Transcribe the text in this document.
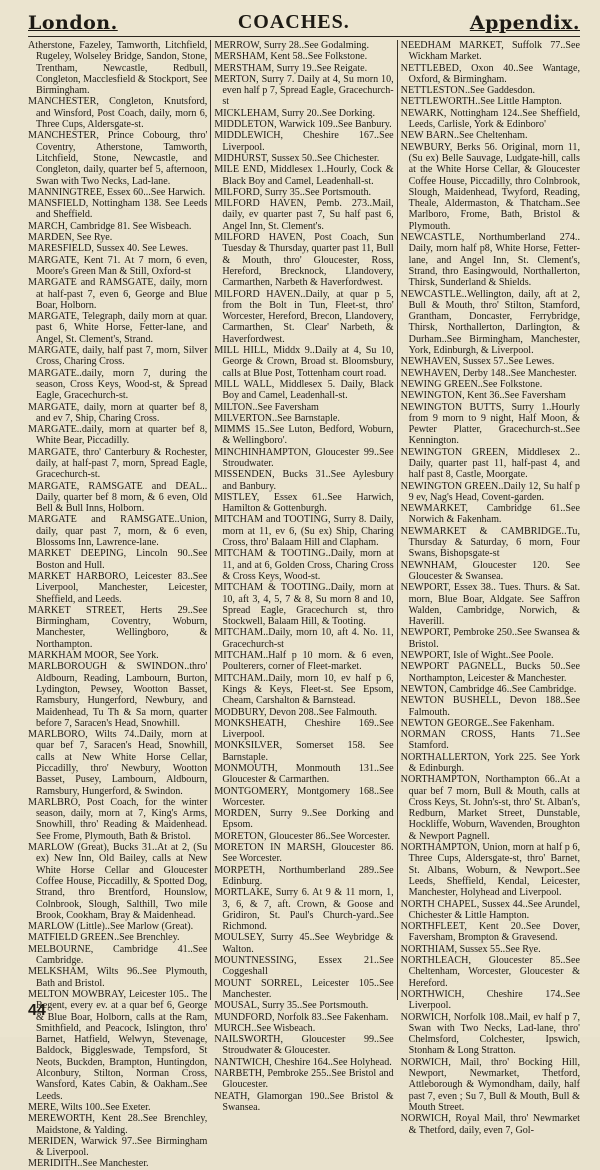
London.	COACHES.	Appendix.

Atherstone, Fazeley, Tamworth, Litchfield, Rugeley, Wolseley Bridge, Sandon, Stone, Trentham, Newcastle, Redbull, Congleton, Macclesfield & Stockport, See Birmingham.

MANCHESTER, Congleton, Knutsford, and Winsford, Post Coach, daily, morn 6, Three Cups, Aldersgate-st.

MANCHESTER, Prince Cobourg, thro' Coventry, Atherstone, Tamworth, Litchfield, Stone, Newcastle, and Congleton, daily, quarter bef 5, afternoon, Swan with Two Necks, Lad-lane.

MANNINGTREE, Essex 60...See Harwich.

MANSFIELD, Nottingham 138. See Leeds and Sheffield.

MARCH, Cambridge 81. See Wisbeach.

MARDEN, See Rye.

MARESFIELD, Sussex 40. See Lewes.

MARGATE, Kent 71. At 7 morn, 6 even, Moore's Green Man & Still, Oxford-st

MARGATE and RAMSGATE, daily, morn at half-past 7, even 6, George and Blue Boar, Holborn.

MARGATE, Telegraph, daily morn at quar. past 6, White Horse, Fetter-lane, and Angel, St. Clement's, Strand.

MARGATE, daily, half past 7, morn, Silver Cross, Charing Cross.

MARGATE..daily, morn 7, during the season, Cross Keys, Wood-st, & Spread Eagle, Gracechurch-st.

MARGATE, daily, morn at quarter bef 8, and ev 7, Ship, Charing Cross.

MARGATE..daily, morn at quarter bef 8, White Bear, Piccadilly.

MARGATE, thro' Canterbury & Rochester, daily, at half-past 7, morn, Spread Eagle, Gracechurch-st.

MARGATE, RAMSGATE and DEAL.. Daily, quarter bef 8 morn, & 6 even, Old Bell & Bull Inns, Holborn.

MARGATE and RAMSGATE..Union, daily, quar past 7, morn, & 6 even, Blossoms Inn, Lawrence-lane.

MARKET DEEPING, Lincoln 90..See Boston and Hull.

MARKET HARBORO, Leicester 83..See Liverpool, Manchester, Leicester, Sheffield, and Leeds.

MARKET STREET, Herts 29..See Birmingham, Coventry, Woburn, Manchester, Wellingboro, & Northampton.

MARKHAM MOOR, See York.

MARLBOROUGH & SWINDON..thro' Aldbourn, Reading, Lambourn, Burton, Lydington, Pewsey, Wootton Basset, Ramsbury, Hungerford, Newbury, and Maidenhead, Tu Th & Sa morn, quarter before 7, Saracen's Head, Snowhill.

MARLBORO, Wilts 74..Daily, morn at quar bef 7, Saracen's Head, Snowhill, calls at New White Horse Cellar, Piccadilly, thro' Newbury, Wootton Basset, Pusey, Lambourn, Aldbourn, Ramsbury, Hungerford, & Swindon.

MARLBRO, Post Coach, for the winter season, daily, morn at 7, King's Arms, Snowhill, thro' Reading & Maidenhead. See Frome, Plymouth, Bath & Bristol.

MARLOW (Great), Bucks 31..At at 2, (Su ex) New Inn, Old Bailey, calls at New White Horse Cellar and Gloucester Coffee House, Piccadilly, & Spotted Dog, Strand, thro Brentford, Hounslow, Colnbrook, Slough, Salthill, Two mile Brook, Cookham, Bray & Maidenhead.

MARLOW (Little)..See Marlow (Great).

MATFIELD GREEN..See Brenchley.

MELBOURNE, Cambridge 41..See Cambridge.

MELKSHAM, Wilts 96..See Plymouth, Bath and Bristol.

MELTON MOWBRAY, Leicester 105.. The Regent, every ev. at a quar bef 6, George & Blue Boar, Holborn, calls at the Ram, Smithfield, and Peacock, Islington, thro' Barnet, Hatfield, Welwyn, Stevenage, Baldock, Biggleswade, Tempsford, St Neots, Buckden, Brampton, Huntingdon, Alconbury, Stilton, Norman Cross, Wansford, Kates Cabin, & Oakham..See Leeds.

MERE, Wilts 100..See Exeter.

MEREWORTH, Kent 28..See Brenchley, Maidstone, & Yalding.

MERIDEN, Warwick 97..See Birmingham & Liverpool.

MERIDITH..See Manchester.

MERROW, Surry 28..See Godalming.

MERSHAM, Kent 58..See Folkstone.

MERSTHAM, Surry 19..See Reigate.

MERTON, Surry 7. Daily at 4, Su morn 10, even half p 7, Spread Eagle, Gracechurch-st

MICKLEHAM, Surry 20..See Dorking.

MIDDLETON, Warwick 109..See Banbury.

MIDDLEWICH, Cheshire 167..See Liverpool.

MIDHURST, Sussex 50..See Chichester.

MILE END, Middlesex 1..Hourly, Cock & Black Boy and Camel, Leadenhall-st.

MILFORD, Surry 35..See Portsmouth.

MILFORD HAVEN, Pemb. 273..Mail, daily, ev quarter past 7, Su half past 6, Angel Inn, St. Clement's.

MILFORD HAVEN, Post Coach, Sun Tuesday & Thursday, quarter past 11, Bull & Mouth, thro' Gloucester, Ross, Hereford, Brecknock, Llandovery, Carmarthen, Narbeth & Haverfordwest.

MILFORD HAVEN..Daily, at quar p 5, from the Bolt in Tun, Fleet-st, thro' Worcester, Hereford, Brecon, Llandovery, Carmarthen, St. Clear' Narbeth, & Haverfordwest.

MILL HILL, Middx 9..Daily at 4, Su 10, George & Crown, Broad st. Bloomsbury, calls at Blue Post, Tottenham court road.

MILL WALL, Middlesex 5. Daily, Black Boy and Camel, Leadenhall-st.

MILTON..See Faversham

MILVERTON..See Barnstaple.

MIMMS 15..See Luton, Bedford, Woburn, & Wellingboro'.

MINCHINHAMPTON, Gloucester 99..See Stroudwater.

MISSENDEN, Bucks 31..See Aylesbury and Banbury.

MISTLEY, Essex 61..See Harwich, Hamilton & Gottenburgh.

MITCHAM and TOOTING, Surry 8. Daily, morn at 11, ev 6, (Su ex) Ship, Charing Cross, thro' Balaam Hill and Clapham.

MITCHAM & TOOTING..Daily, morn at 11, and at 6, Golden Cross, Charing Cross & Cross Keys, Wood-st.

MITCHAM & TOOTING..Daily, morn at 10, aft 3, 4, 5, 7 & 8, Su morn 8 and 10, Spread Eagle, Gracechurch st, thro Stockwell, Balaam Hill, & Tooting.

MITCHAM..Daily, morn 10, aft 4. No. 11, Gracechurch-st

MITCHAM..Half p 10 morn. & 6 even, Poulterers, corner of Fleet-market.

MITCHAM..Daily, morn 10, ev half p 6, Kings & Keys, Fleet-st. See Epsom, Cheam, Carshalton & Barnstead.

MODBURY, Devon 208..See Falmouth.

MONKSHEATH, Cheshire 169..See Liverpool.

MONKSILVER, Somerset 158. See Barnstaple.

MONMOUTH, Monmouth 131..See Gloucester & Carmarthen.

MONTGOMERY, Montgomery 168..See Worcester.

MORDEN, Surry 9..See Dorking and Epsom.

MORETON, Gloucester 86..See Worcester.

MORETON IN MARSH, Gloucester 86. See Worcester.

MORPETH, Northumberland 289..See Edinburg.

MORTLAKE, Surry 6. At 9 & 11 morn, 1, 3, 6, & 7, aft. Crown, & Goose and Gridiron, St. Paul's Church-yard..See Richmond.

MOULSEY, Surry 45..See Weybridge & Walton.

MOUNTNESSING, Essex 21..See Coggeshall

MOUNT SORREL, Leicester 105..See Manchester.

MOUSAL, Surry 35..See Portsmouth.

MUNDFORD, Norfolk 83..See Fakenham.

MURCH..See Wisbeach.

NAILSWORTH, Gloucester 99..See Stroudwater & Gloucester.

NANTWICH, Cheshire 164..See Holyhead.

NARBETH, Pembroke 255..See Bristol and Gloucester.

NEATH, Glamorgan 190..See Bristol & Swansea.

NEEDHAM MARKET, Suffolk 77..See Wickham Market.

NETTLEBED, Oxon 40..See Wantage, Oxford, & Birmingham.

NETTLESTON..See Gaddesdon.

NETTLEWORTH..See Little Hampton.

NEWARK, Nottingham 124..See Sheffield, Leeds, Carlisle, York & Edinboro'

NEW BARN..See Cheltenham.

NEWBURY, Berks 56. Original, morn 11, (Su ex) Belle Sauvage, Ludgate-hill, calls at the White Horse Cellar, & Gloucester Coffee House, Piccadilly, thro Colnbrook, Slough, Maidenhead, Twyford, Reading, Theale, Aldermaston, & Thatcham..See Marlboro, Frome, Bath, Bristol & Plymouth.

NEWCASTLE, Northumberland 274.. Daily, morn half p8, White Horse, Fetter-lane, and Angel Inn, St. Clement's, Strand, thro Easingwould, Northallerton, Thirsk, Sunderland & Shields.

NEWCASTLE..Wellington, daily, aft at 2, Bull & Mouth, thro' Stilton, Stamford, Grantham, Doncaster, Ferrybridge, Thirsk, Northallerton, Darlington, & Durham..See Birmingham, Manchester, York, Edinburgh, & Liverpool.

NEWHAVEN, Sussex 57..See Lewes.

NEWHAVEN, Derby 148..See Manchester.

NEWING GREEN..See Folkstone.

NEWINGTON, Kent 36..See Faversham

NEWINGTON BUTTS, Surry 1..Hourly from 9 morn to 9 night, Half Moon, & Pewter Platter, Gracechurch-st..See Kennington.

NEWINGTON GREEN, Middlesex 2.. Daily, quarter past 11, half-past 4, and half past 8, Castle, Moorgate.

NEWINGTON GREEN..Daily 12, Su half p 9 ev, Nag's Head, Covent-garden.

NEWMARKET, Cambridge 61..See Norwich & Fakenham.

NEWMARKET & CAMBRIDGE..Tu, Thursday & Saturday, 6 morn, Four Swans, Bishopsgate-st

NEWNHAM, Gloucester 120. See Gloucester & Swansea.

NEWPORT, Essex 38.. Tues. Thurs. & Sat. morn, Blue Boar, Aldgate. See Saffron Walden, Cambridge, Norwich, & Haverill.

NEWPORT, Pembroke 250..See Swansea & Bristol.

NEWPORT, Isle of Wight..See Poole.

NEWPORT PAGNELL, Bucks 50..See Northampton, Leicester & Manchester.

NEWTON, Cambridge 46..See Cambridge.

NEWTON BUSHELL, Devon 188..See Falmouth.

NEWTON GEORGE..See Fakenham.

NORMAN CROSS, Hants 71..See Stamford.

NORTHALLERTON, York 225. See York & Edinburgh.

NORTHAMPTON, Northampton 66..At a quar bef 7 morn, Bull & Mouth, calls at Cross Keys, St. John's-st, thro' St. Alban's, Redburn, Market Street, Dunstable, Hockliffe, Woburn, Wavenden, Broughton & Newport Pagnell.

NORTHAMPTON, Union, morn at half p 6, Three Cups, Aldersgate-st, thro' Barnet, St. Albans, Woburn, & Newport..See Leeds, Sheffield, Kendal, Leicester, Manchester, Holyhead and Liverpool.

NORTH CHAPEL, Sussex 44..See Arundel, Chichester & Little Hampton.

NORTHFLEET, Kent 20..See Dover, Faversham, Brompton & Gravesend.

NORTHIAM, Sussex 55..See Rye.

NORTHLEACH, Gloucester 85..See Cheltenham, Worcester, Gloucester & Hereford.

NORTHWICH, Cheshire 174..See Liverpool.

NORWICH, Norfolk 108..Mail, ev half p 7, Swan with Two Necks, Lad-lane, thro' Chelmsford, Colchester, Ipswich, Stonham & Long Stratton.

NORWICH, Mail, thro' Bocking Hill, Newport, Newmarket, Thetford, Attleborough & Wymondham, daily, half past 7, even ; Su 7, Bull & Mouth, Bull & Mouth Street.

NORWICH, Royal Mail, thro' Newmarket & Thetford, daily, even 7, Gol-

44
